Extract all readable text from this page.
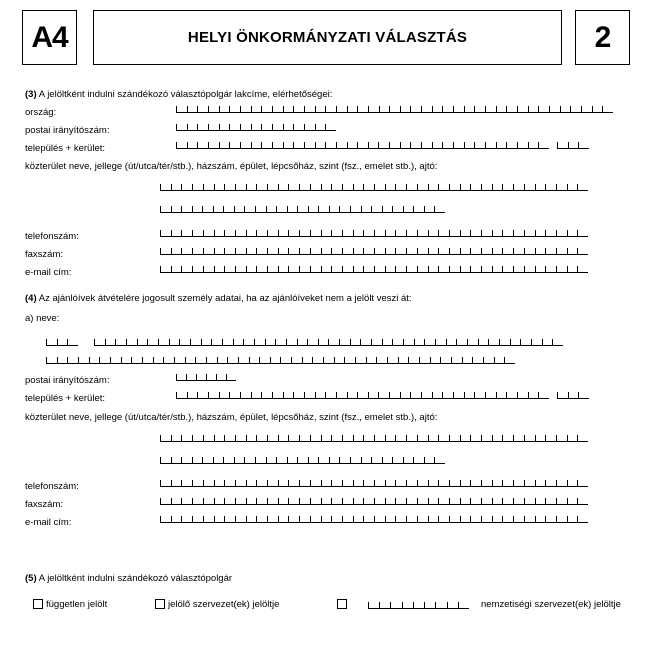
A4	HELYI ÖNKORMÁNYZATI VÁLASZTÁS	2
(3) A jelöltként indulni szándékozó választópolgár lakcíme, elérhetőségei:
ország:
postai irányítószám:
település + kerület:
közterület neve, jellege (út/utca/tér/stb.), házszám, épület, lépcsőház, szint (fsz., emelet stb.), ajtó:
telefonszám:
faxszám:
e-mail cím:
(4) Az ajánlóívek átvételére jogosult személy adatai, ha az ajánlóíveket nem a jelölt veszi át:
a) neve:
postai irányítószám:
település + kerület:
közterület neve, jellege (út/utca/tér/stb.), házszám, épület, lépcsőház, szint (fsz., emelet stb.), ajtó:
telefonszám:
faxszám:
e-mail cím:
(5) A jelöltként indulni szándékozó választópolgár
független jelölt	jelölő szervezet(ek) jelöltje	nemzetiségi szervezet(ek) jelöltje
